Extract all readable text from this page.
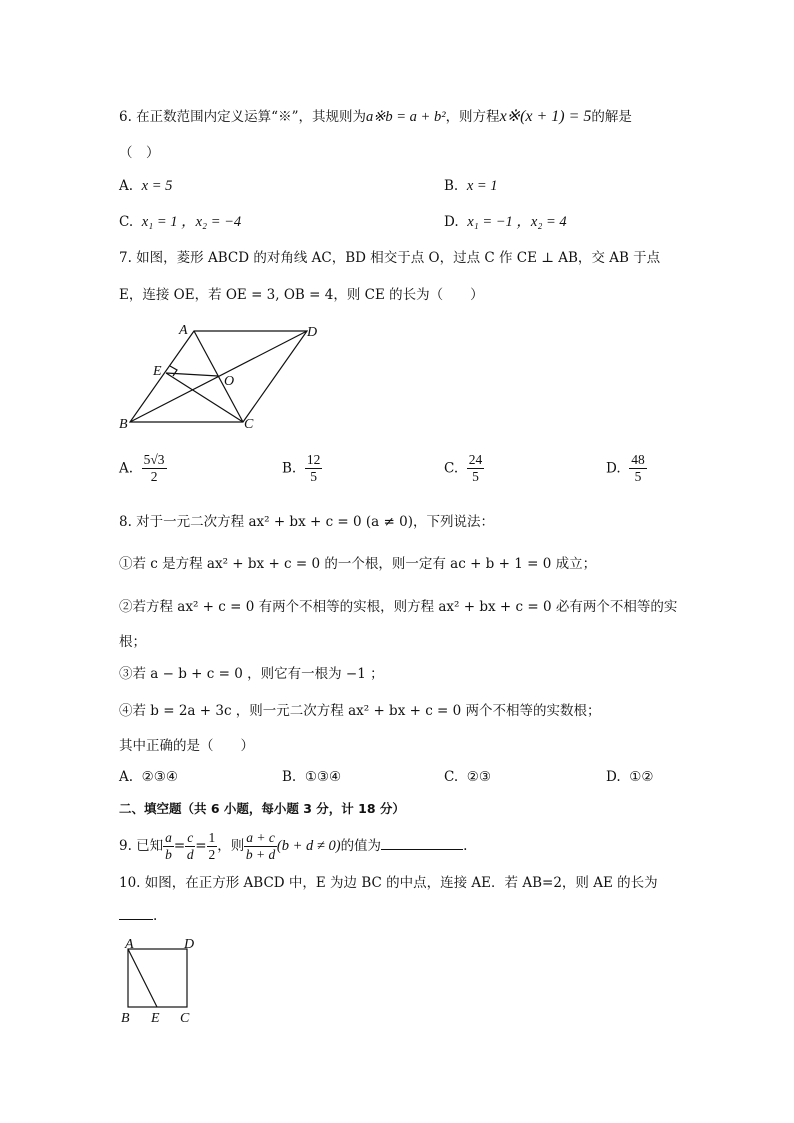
6. 在正数范围内定义运算“※”，其规则为a※b = a + b²，则方程x※(x + 1) = 5的解是
（　）
A. x = 5	B. x = 1
C. x₁ = 1 ，x₂ = −4	D. x₁ = −1 ，x₂ = 4
7. 如图，菱形 ABCD 的对角线 AC，BD 相交于点 O，过点 C 作 CE ⊥ AB，交 AB 于点
E，连接 OE，若 OE = 3, OB = 4，则 CE 的长为（　　）
A	D
E
O
B	C
A. $\frac{5√3}{2}$	B. $\frac{12}{5}$	C. $\frac{24}{5}$	D. $\frac{48}{5}$
8. 对于一元二次方程 ax² + bx + c = 0 (a ≠ 0)，下列说法：
①若 c 是方程 ax² + bx + c = 0 的一个根，则一定有 ac + b + 1 = 0 成立；
②若方程 ax² + c = 0 有两个不相等的实根，则方程 ax² + bx + c = 0 必有两个不相等的实
根；
③若 a − b + c = 0 ，则它有一根为 −1 ；
④若 b = 2a + 3c ，则一元二次方程 ax² + bx + c = 0 两个不相等的实数根；
其中正确的是（　　）
A. ②③④	B. ①③④	C. ②③	D. ①②
二、填空题（共 6 小题，每小题 3 分，计 18 分）
9. 已知 $\frac{a}{b} = \frac{c}{d} = \frac{1}{2}$ ，则 $\frac{a + c}{b + d} (b + d \ne 0)$的值为	.
10. 如图，在正方形 ABCD 中，E 为边 BC 的中点，连接 AE．若 AB=2，则 AE 的长为
.
A	D
B E C
